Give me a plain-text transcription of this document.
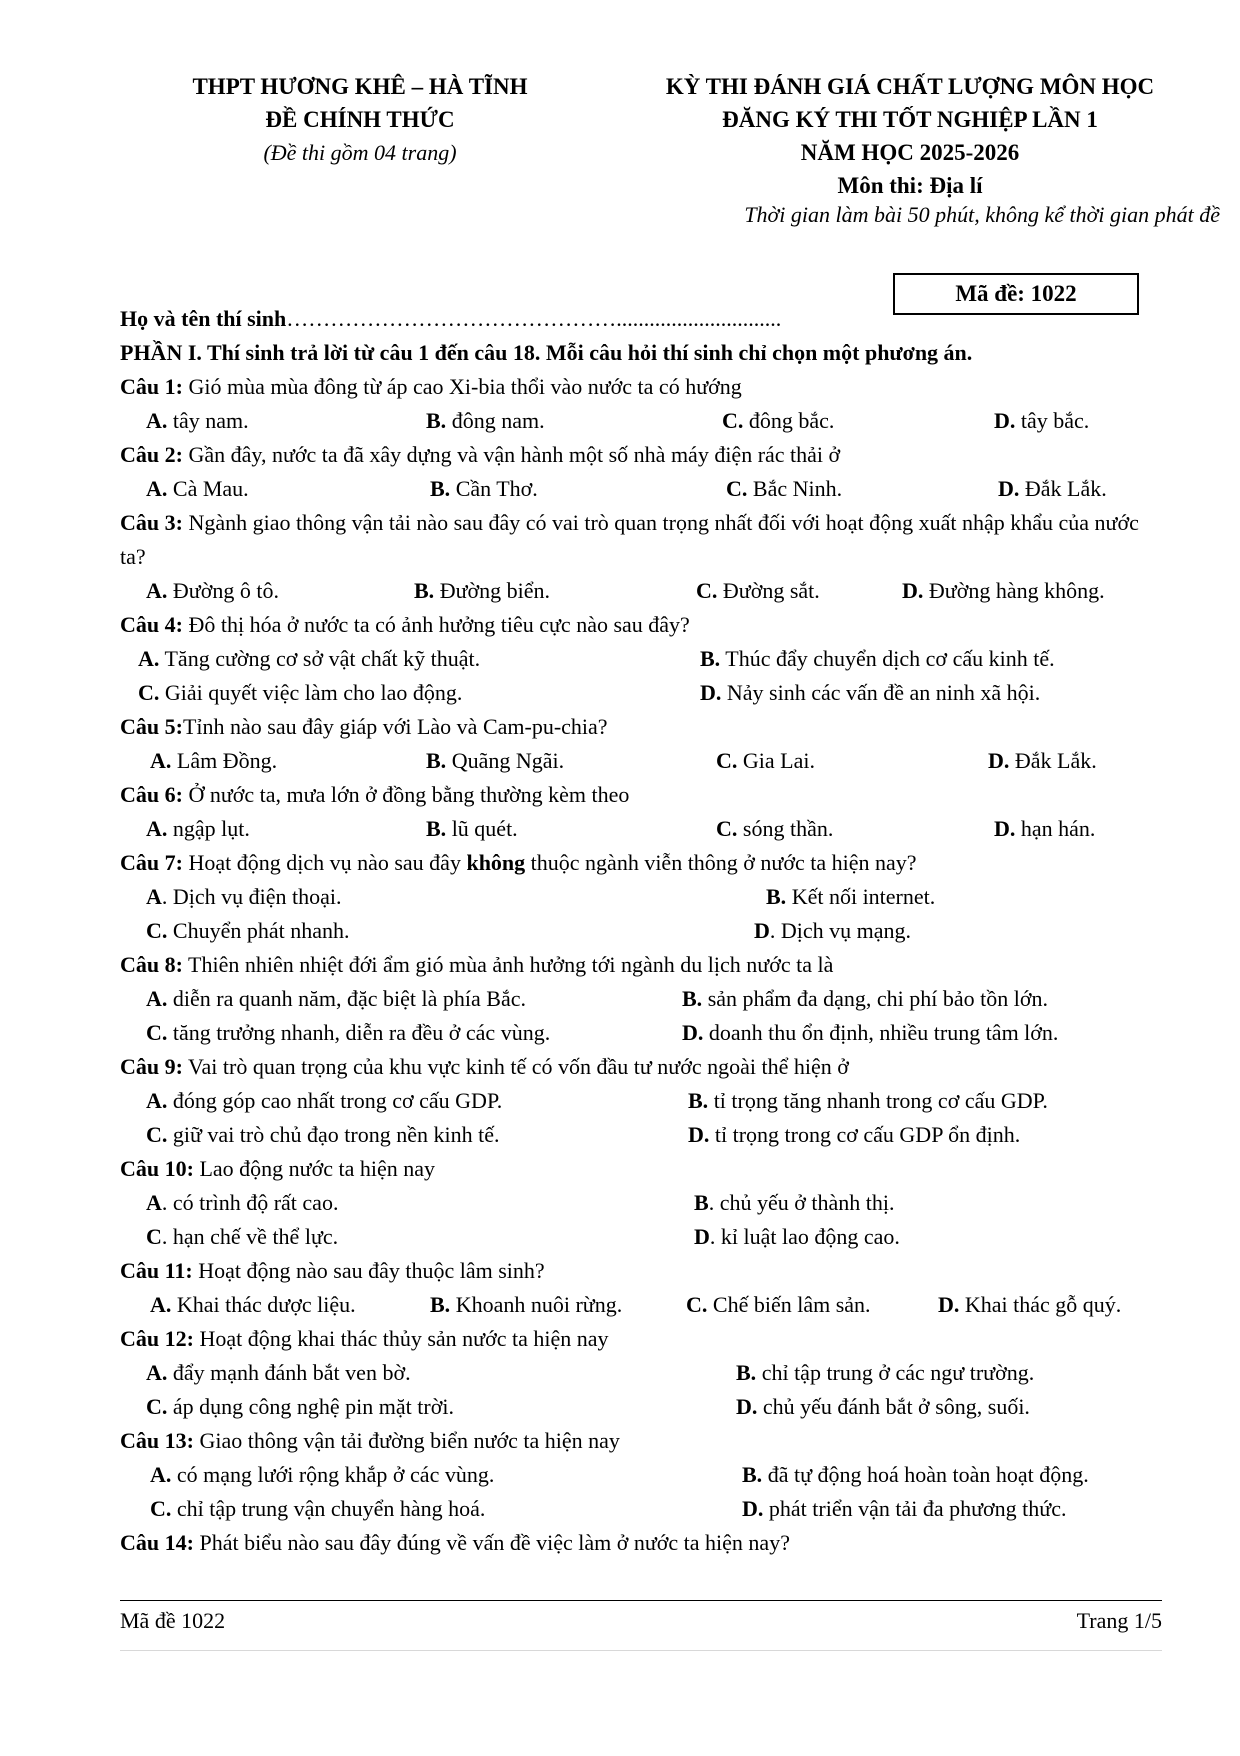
THPT HƯƠNG KHÊ – HÀ TĨNH
ĐỀ CHÍNH THỨC
(Đề thi gồm 04 trang)
KỲ THI ĐÁNH GIÁ CHẤT LƯỢNG MÔN HỌC
ĐĂNG KÝ THI TỐT NGHIỆP LẦN 1
NĂM HỌC 2025-2026
Môn thi: Địa lí
Thời gian làm bài 50 phút, không kể thời gian phát đề
Mã đề: 1022
Họ và tên thí sinh………………………………………..............................
PHẦN I. Thí sinh trả lời từ câu 1 đến câu 18. Mỗi câu hỏi thí sinh chỉ chọn một phương án.
Câu 1: Gió mùa mùa đông từ áp cao Xi-bia thổi vào nước ta có hướng
A. tây nam.	B. đông nam.	C. đông bắc.	D. tây bắc.
Câu 2: Gần đây, nước ta đã xây dựng và vận hành một số nhà máy điện rác thải ở
A. Cà Mau.	B. Cần Thơ.	C. Bắc Ninh.	D. Đắk Lắk.
Câu 3: Ngành giao thông vận tải nào sau đây có vai trò quan trọng nhất đối với hoạt động xuất nhập khẩu của nước ta?
A. Đường ô tô.	B. Đường biển.	C. Đường sắt.	D. Đường hàng không.
Câu 4: Đô thị hóa ở nước ta có ảnh hưởng tiêu cực nào sau đây?
A. Tăng cường cơ sở vật chất kỹ thuật.	B. Thúc đẩy chuyển dịch cơ cấu kinh tế.
C. Giải quyết việc làm cho lao động.	D. Nảy sinh các vấn đề an ninh xã hội.
Câu 5:Tỉnh nào sau đây giáp với Lào và Cam-pu-chia?
A. Lâm Đồng.	B. Quãng Ngãi.	C. Gia Lai.	D. Đắk Lắk.
Câu 6: Ở nước ta, mưa lớn ở đồng bằng thường kèm theo
A. ngập lụt.	B. lũ quét.	C. sóng thần.	D. hạn hán.
Câu 7: Hoạt động dịch vụ nào sau đây không thuộc ngành viễn thông ở nước ta hiện nay?
A. Dịch vụ điện thoại.	B. Kết nối internet.
C. Chuyển phát nhanh.	D. Dịch vụ mạng.
Câu 8: Thiên nhiên nhiệt đới ẩm gió mùa ảnh hưởng tới ngành du lịch nước ta là
A. diễn ra quanh năm, đặc biệt là phía Bắc.	B. sản phẩm đa dạng, chi phí bảo tồn lớn.
C. tăng trưởng nhanh, diễn ra đều ở các vùng.	D. doanh thu ổn định, nhiều trung tâm lớn.
Câu 9: Vai trò quan trọng của khu vực kinh tế có vốn đầu tư nước ngoài thể hiện ở
A. đóng góp cao nhất trong cơ cấu GDP.	B. tỉ trọng tăng nhanh trong cơ cấu GDP.
C. giữ vai trò chủ đạo trong nền kinh tế.	D. tỉ trọng trong cơ cấu GDP ổn định.
Câu 10: Lao động nước ta hiện nay
A. có trình độ rất cao.	B. chủ yếu ở thành thị.
C. hạn chế về thể lực.	D. kỉ luật lao động cao.
Câu 11: Hoạt động nào sau đây thuộc lâm sinh?
A. Khai thác dược liệu.	B. Khoanh nuôi rừng.	C. Chế biến lâm sản.	D. Khai thác gỗ quý.
Câu 12: Hoạt động khai thác thủy sản nước ta hiện nay
A. đẩy mạnh đánh bắt ven bờ.	B. chỉ tập trung ở các ngư trường.
C. áp dụng công nghệ pin mặt trời.	D. chủ yếu đánh bắt ở sông, suối.
Câu 13: Giao thông vận tải đường biển nước ta hiện nay
A. có mạng lưới rộng khắp ở các vùng.	B. đã tự động hoá hoàn toàn hoạt động.
C. chỉ tập trung vận chuyển hàng hoá.	D. phát triển vận tải đa phương thức.
Câu 14: Phát biểu nào sau đây đúng về vấn đề việc làm ở nước ta hiện nay?
Mã đề 1022	Trang 1/5
